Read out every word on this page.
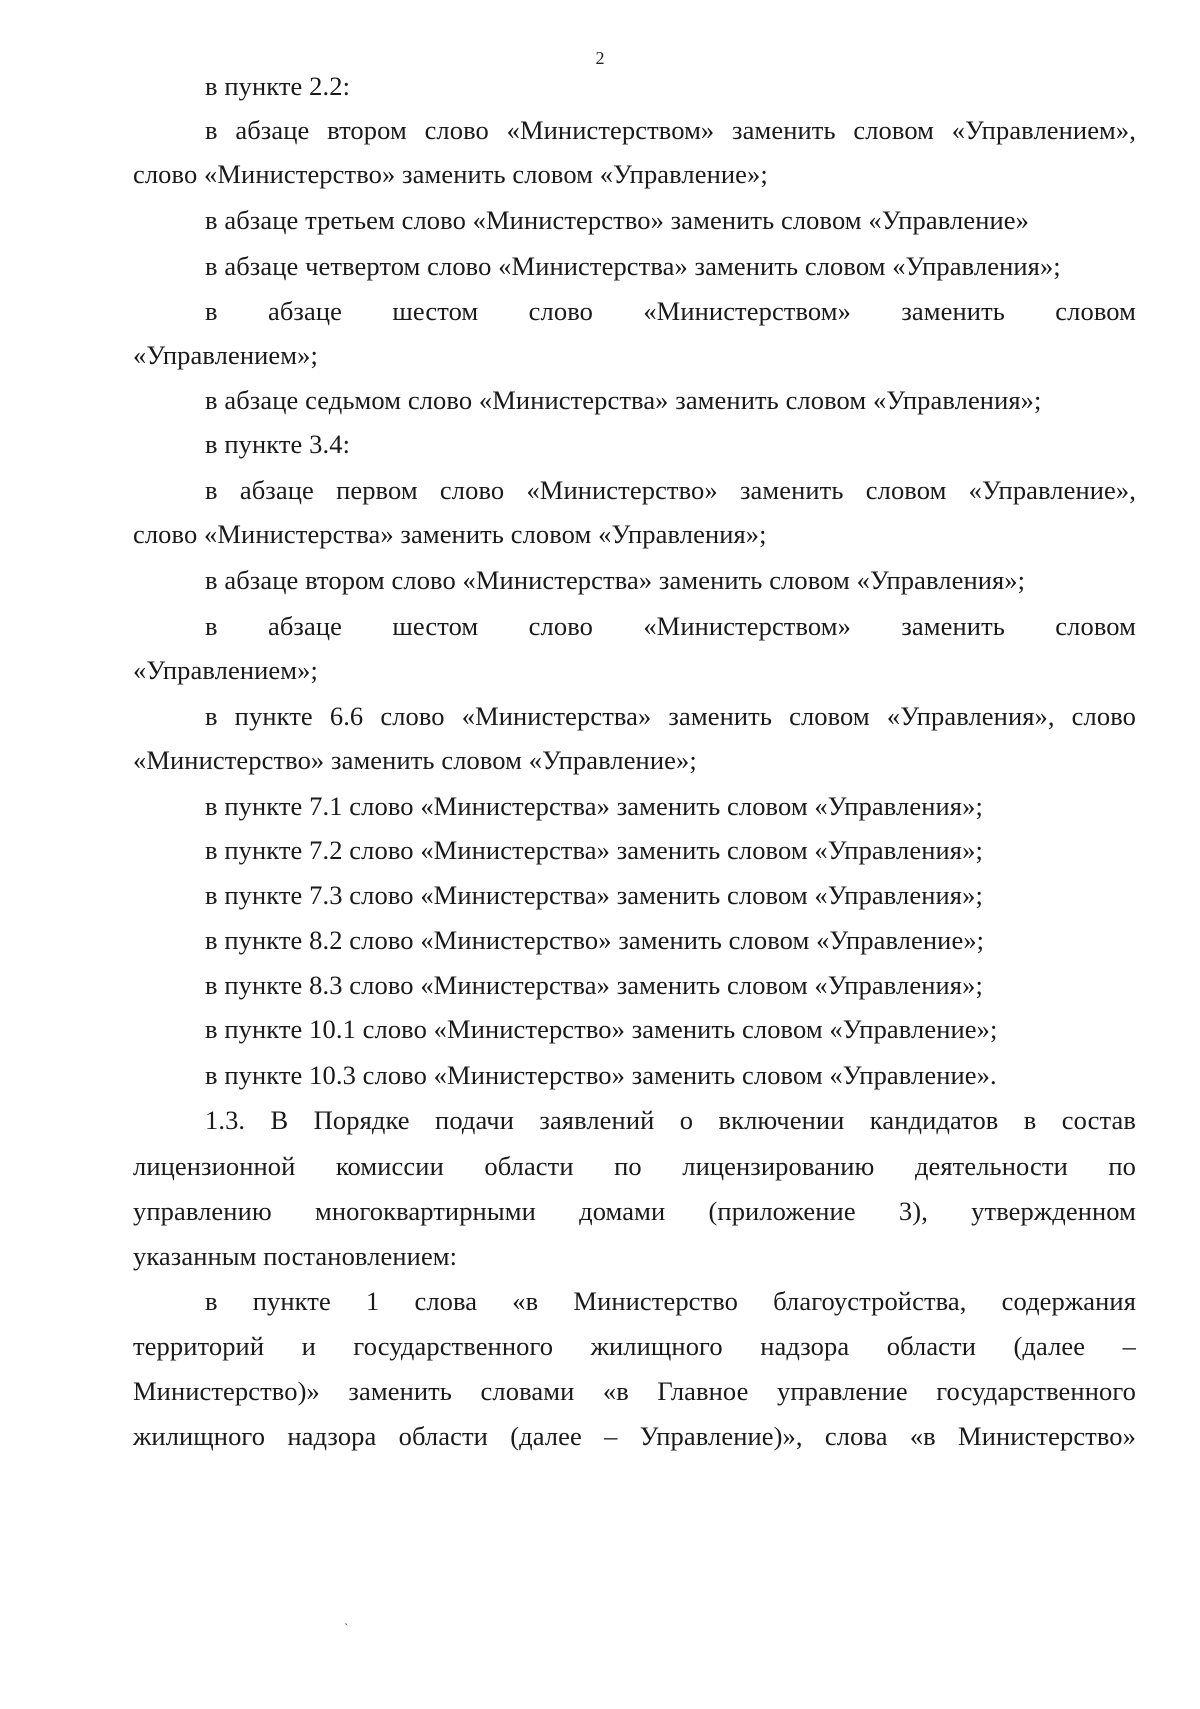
2
в пункте 2.2:
в абзаце втором слово «Министерством» заменить словом «Управлением»,
слово «Министерство» заменить словом «Управление»;
в абзаце третьем слово «Министерство» заменить словом «Управление»
в абзаце четвертом слово «Министерства» заменить словом «Управления»;
в абзаце шестом слово «Министерством» заменить словом
«Управлением»;
в абзаце седьмом слово «Министерства» заменить словом «Управления»;
в пункте 3.4:
в абзаце первом слово «Министерство» заменить словом «Управление»,
слово «Министерства» заменить словом «Управления»;
в абзаце втором слово «Министерства» заменить словом «Управления»;
в абзаце шестом слово «Министерством» заменить словом
«Управлением»;
в пункте 6.6 слово «Министерства» заменить словом «Управления», слово
«Министерство» заменить словом «Управление»;
в пункте 7.1 слово «Министерства» заменить словом «Управления»;
в пункте 7.2 слово «Министерства» заменить словом «Управления»;
в пункте 7.3 слово «Министерства» заменить словом «Управления»;
в пункте 8.2 слово «Министерство» заменить словом «Управление»;
в пункте 8.3 слово «Министерства» заменить словом «Управления»;
в пункте 10.1 слово «Министерство» заменить словом «Управление»;
в пункте 10.3 слово «Министерство» заменить словом «Управление».
1.3. В Порядке подачи заявлений о включении кандидатов в состав
лицензионной комиссии области по лицензированию деятельности по
управлению многоквартирными домами (приложение 3), утвержденном
указанным постановлением:
в пункте 1 слова «в Министерство благоустройства, содержания
территорий и государственного жилищного надзора области (далее –
Министерство)» заменить словами «в Главное управление государственного
жилищного надзора области (далее – Управление)», слова «в Министерство»
`
